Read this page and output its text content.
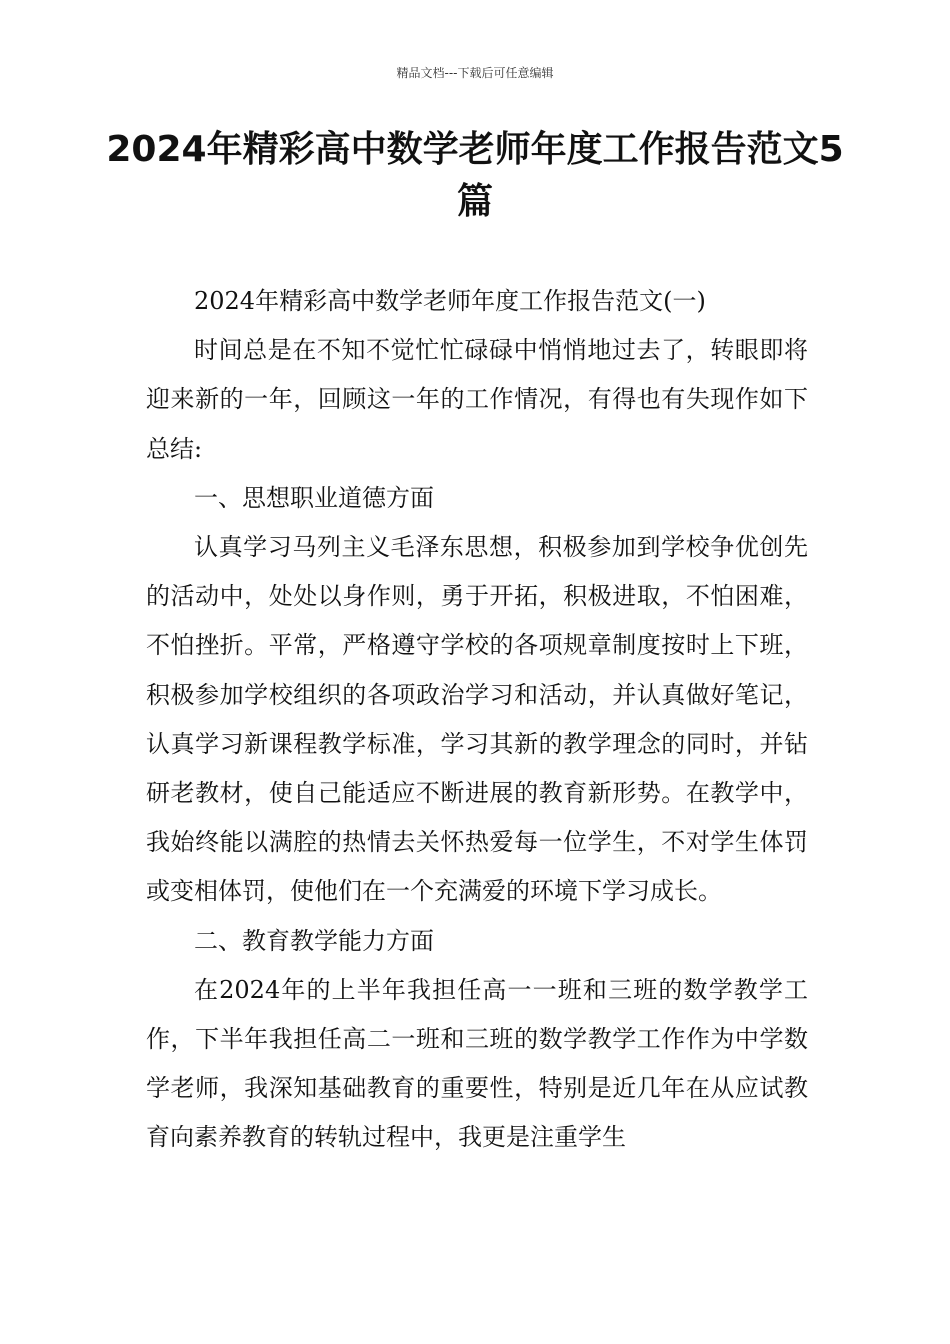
精品文档---下载后可任意编辑
2024年精彩高中数学老师年度工作报告范文5篇

2024年精彩高中数学老师年度工作报告范文(一)

时间总是在不知不觉忙忙碌碌中悄悄地过去了，转眼即将迎来新的一年，回顾这一年的工作情况，有得也有失现作如下总结:

一、思想职业道德方面

认真学习马列主义毛泽东思想，积极参加到学校争优创先的活动中，处处以身作则，勇于开拓，积极进取，不怕困难，不怕挫折。平常，严格遵守学校的各项规章制度按时上下班，积极参加学校组织的各项政治学习和活动，并认真做好笔记，认真学习新课程教学标准，学习其新的教学理念的同时，并钻研老教材，使自己能适应不断进展的教育新形势。在教学中，我始终能以满腔的热情去关怀热爱每一位学生，不对学生体罚或变相体罚，使他们在一个充满爱的环境下学习成长。

二、教育教学能力方面

在2024年的上半年我担任高一一班和三班的数学教学工作，下半年我担任高二一班和三班的数学教学工作作为中学数学老师，我深知基础教育的重要性，特别是近几年在从应试教育向素养教育的转轨过程中，我更是注重学生
